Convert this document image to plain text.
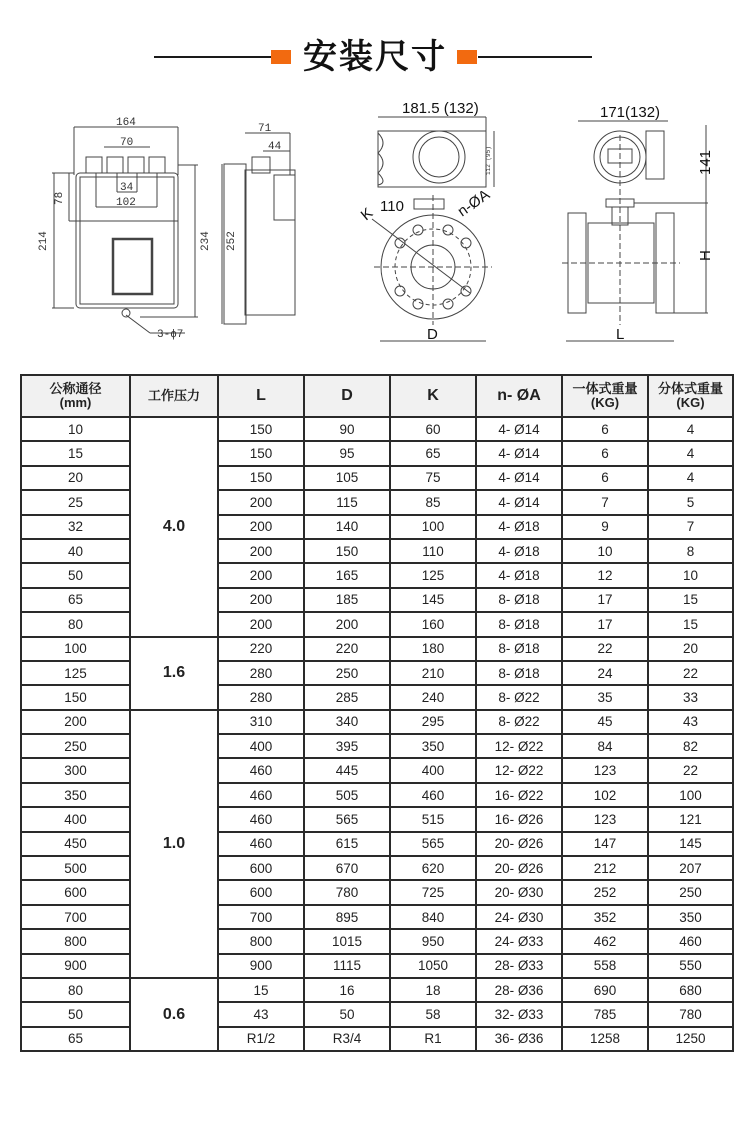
安装尺寸
164
70
34
102
78
214	234
3-ϕ7
71
44
252
181.5 (132)
112 (95)
110
K	n-ØA
D
171(132)
141
H
L
公称通径
(mm)	工作压力	L	D	K	n- ØA	一体式重量
(KG)	分体式重量
(KG)
10	4.0	150	90	60	4- Ø14	6	4
15		150	95	65	4- Ø14	6	4
20		150	105	75	4- Ø14	6	4
25		200	115	85	4- Ø14	7	5
32		200	140	100	4- Ø18	9	7
40		200	150	110	4- Ø18	10	8
50		200	165	125	4- Ø18	12	10
65		200	185	145	8- Ø18	17	15
80		200	200	160	8- Ø18	17	15
100	1.6	220	220	180	8- Ø18	22	20
125		280	250	210	8- Ø18	24	22
150		280	285	240	8- Ø22	35	33
200	1.0	310	340	295	8- Ø22	45	43
250		400	395	350	12- Ø22	84	82
300		460	445	400	12- Ø22	123	22
350		460	505	460	16- Ø22	102	100
400		460	565	515	16- Ø26	123	121
450		460	615	565	20- Ø26	147	145
500		600	670	620	20- Ø26	212	207
600		600	780	725	20- Ø30	252	250
700		700	895	840	24- Ø30	352	350
800		800	1015	950	24- Ø33	462	460
900		900	1115	1050	28- Ø33	558	550
80	0.6	15	16	18	28- Ø36	690	680
50		43	50	58	32- Ø33	785	780
65		R1/2	R3/4	R1	36- Ø36	1258	1250
